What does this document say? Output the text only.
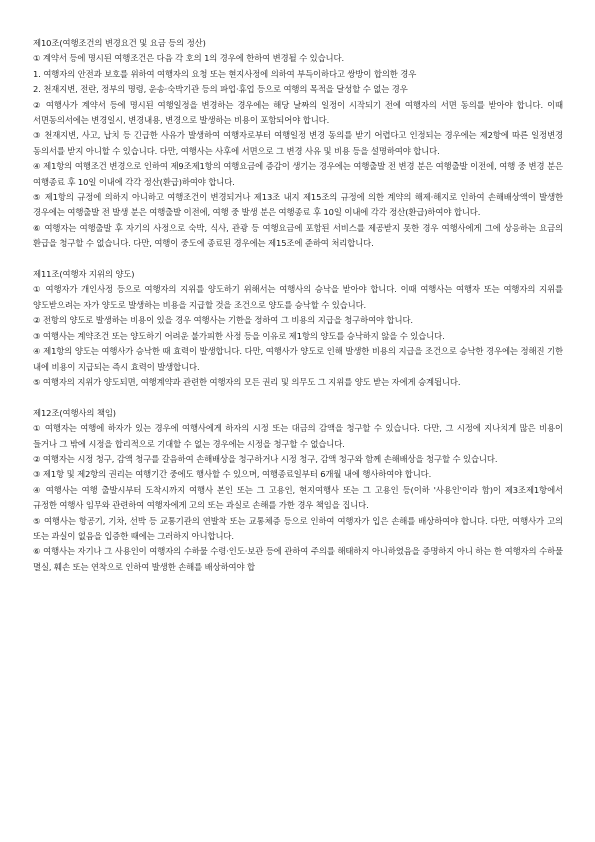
제10조(여행조건의 변경요건 및 요금 등의 정산)

① 계약서 등에 명시된 여행조건은 다음 각 호의 1의 경우에 한하여 변경될 수 있습니다.

1. 여행자의 안전과 보호를 위하여 여행자의 요청 또는 현지사정에 의하여 부득이하다고 쌍방이 합의한 경우

2. 천재지변, 전란, 정부의 명령, 운송·숙박기관 등의 파업·휴업 등으로 여행의 목적을 달성할 수 없는 경우

② 여행사가 계약서 등에 명시된 여행일정을 변경하는 경우에는 해당 날짜의 일정이 시작되기 전에 여행자의 서면 동의를 받아야 합니다. 이때 서면동의서에는 변경일시, 변경내용, 변경으로 발생하는 비용이 포함되어야 합니다.

③ 천재지변, 사고, 납치 등 긴급한 사유가 발생하여 여행자로부터 여행일정 변경 동의를 받기 어렵다고 인정되는 경우에는 제2항에 따른 일정변경 동의서를 받지 아니할 수 있습니다. 다만, 여행사는 사후에 서면으로 그 변경 사유 및 비용 등을 설명하여야 합니다.

④ 제1항의 여행조건 변경으로 인하여 제9조제1항의 여행요금에 증감이 생기는 경우에는 여행출발 전 변경 분은 여행출발 이전에, 여행 중 변경 분은 여행종료 후 10일 이내에 각각 정산(환급)하여야 합니다.

⑤ 제1항의 규정에 의하지 아니하고 여행조건이 변경되거나 제13조 내지 제15조의 규정에 의한 계약의 해제·해지로 인하여 손해배상액이 발생한 경우에는 여행출발 전 발생 분은 여행출발 이전에, 여행 중 발생 분은 여행종료 후 10일 이내에 각각 정산(환급)하여야 합니다.

⑥ 여행자는 여행출발 후 자기의 사정으로 숙박, 식사, 관광 등 여행요금에 포함된 서비스를 제공받지 못한 경우 여행사에게 그에 상응하는 요금의 환급을 청구할 수 없습니다. 다만, 여행이 중도에 종료된 경우에는 제15조에 준하여 처리합니다.

제11조(여행자 지위의 양도)

① 여행자가 개인사정 등으로 여행자의 지위를 양도하기 위해서는 여행사의 승낙을 받아야 합니다. 이때 여행사는 여행자 또는 여행자의 지위를 양도받으려는 자가 양도로 발생하는 비용을 지급할 것을 조건으로 양도를 승낙할 수 있습니다.

② 전항의 양도로 발생하는 비용이 있을 경우 여행사는 기한을 정하여 그 비용의 지급을 청구하여야 합니다.

③ 여행사는 계약조건 또는 양도하기 어려운 불가피한 사정 등을 이유로 제1항의 양도를 승낙하지 않을 수 있습니다.

④ 제1항의 양도는 여행사가 승낙한 때 효력이 발생합니다. 다만, 여행사가 양도로 인해 발생한 비용의 지급을 조건으로 승낙한 경우에는 정해진 기한 내에 비용이 지급되는 즉시 효력이 발생합니다.

⑤ 여행자의 지위가 양도되면, 여행계약과 관련한 여행자의 모든 권리 및 의무도 그 지위를 양도 받는 자에게 승계됩니다.

제12조(여행사의 책임)

① 여행자는 여행에 하자가 있는 경우에 여행사에게 하자의 시정 또는 대금의 감액을 청구할 수 있습니다. 다만, 그 시정에 지나치게 많은 비용이 들거나 그 밖에 시정을 합리적으로 기대할 수 없는 경우에는 시정을 청구할 수 없습니다.

② 여행자는 시정 청구, 감액 청구를 갈음하여 손해배상을 청구하거나 시정 청구, 감액 청구와 함께 손해배상을 청구할 수 있습니다.

③ 제1항 및 제2항의 권리는 여행기간 중에도 행사할 수 있으며, 여행종료일부터 6개월 내에 행사하여야 합니다.

④ 여행사는 여행 출발시부터 도착시까지 여행사 본인 또는 그 고용인, 현지여행사 또는 그 고용인 등(이하 '사용인'이라 함)이 제3조제1항에서 규정한 여행사 임무와 관련하여 여행자에게 고의 또는 과실로 손해를 가한 경우 책임을 집니다.

⑤ 여행사는 항공기, 기차, 선박 등 교통기관의 연발착 또는 교통체증 등으로 인하여 여행자가 입은 손해를 배상하여야 합니다. 다만, 여행사가 고의 또는 과실이 없음을 입증한 때에는 그러하지 아니합니다.

⑥ 여행사는 자기나 그 사용인이 여행자의 수하물 수령·인도·보관 등에 관하여 주의를 해태하지 아니하였음을 증명하지 아니 하는 한 여행자의 수하물 멸실, 훼손 또는 연착으로 인하여 발생한 손해를 배상하여야 합
